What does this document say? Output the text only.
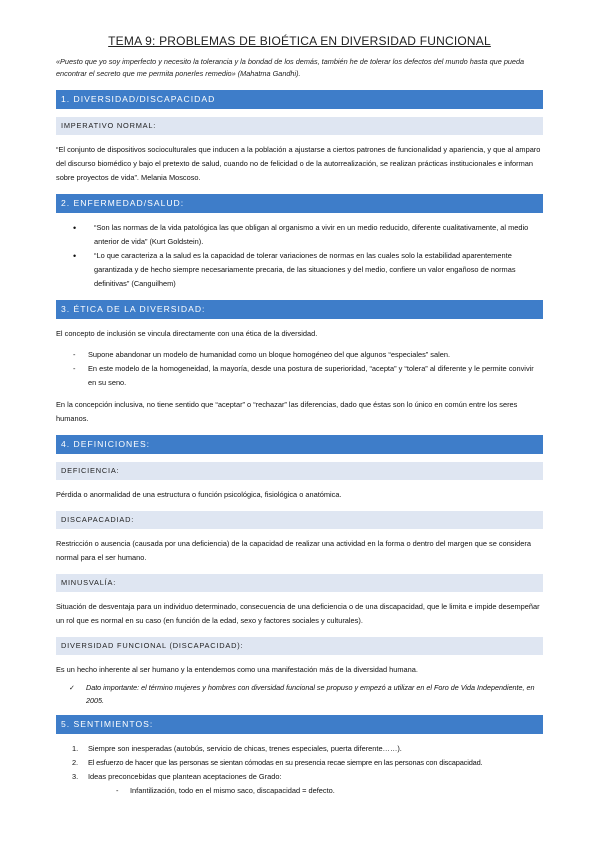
TEMA 9: PROBLEMAS DE BIOÉTICA EN DIVERSIDAD FUNCIONAL

«Puesto que yo soy imperfecto y necesito la tolerancia y la bondad de los demás, también he de tolerar los defectos del mundo hasta que pueda encontrar el secreto que me permita ponerles remedio» (Mahatma Gandhi).

1. DIVERSIDAD/DISCAPACIDAD
IMPERATIVO NORMAL:

“El conjunto de dispositivos socioculturales que inducen a la población a ajustarse a ciertos patrones de funcionalidad y apariencia, y que al amparo del discurso biomédico y bajo el pretexto de salud, cuando no de felicidad o de la autorrealización, se realizan prácticas institucionales e informan sobre proyectos de vida”. Melania Moscoso.

2. ENFERMEDAD/SALUD:
• “Son las normas de la vida patológica las que obligan al organismo a vivir en un medio reducido, diferente cualitativamente, al medio anterior de vida” (Kurt Goldstein).
• “Lo que caracteriza a la salud es la capacidad de tolerar variaciones de normas en las cuales solo la estabilidad aparentemente garantizada y de hecho siempre necesariamente precaria, de las situaciones y del medio, confiere un valor engañoso de normas definitivas” (Canguilhem)
3. ÉTICA DE LA DIVERSIDAD:

El concepto de inclusión se vincula directamente con una ética de la diversidad.

- Supone abandonar un modelo de humanidad como un bloque homogéneo del que algunos “especiales” salen.
- En este modelo de la homogeneidad, la mayoría, desde una postura de superioridad, “acepta” y “tolera” al diferente y le permite convivir en su seno.

En la concepción inclusiva, no tiene sentido que “aceptar” o “rechazar” las diferencias, dado que éstas son lo único en común entre los seres humanos.

4. DEFINICIONES:
DEFICIENCIA:

Pérdida o anormalidad de una estructura o función psicológica, fisiológica o anatómica.

DISCAPACADIAD:

Restricción o ausencia (causada por una deficiencia) de la capacidad de realizar una actividad en la forma o dentro del margen que se considera normal para el ser humano.

MINUSVALÍA:

Situación de desventaja para un individuo determinado, consecuencia de una deficiencia o de una discapacidad, que le limita e impide desempeñar un rol que es normal en su caso (en función de la edad, sexo y factores sociales y culturales).

DIVERSIDAD FUNCIONAL (DISCAPACIDAD):

Es un hecho inherente al ser humano y la entendemos como una manifestación más de la diversidad humana.

✓ Dato importante: el término mujeres y hombres con diversidad funcional se propuso y empezó a utilizar en el Foro de Vida Independiente, en 2005.
5. SENTIMIENTOS:
1. Siempre son inesperadas (autobús, servicio de chicas, trenes especiales, puerta diferente……).
2. El esfuerzo de hacer que las personas se sientan cómodas en su presencia recae siempre en las personas con discapacidad.
3. Ideas preconcebidas que plantean aceptaciones de Grado:
- Infantilización, todo en el mismo saco, discapacidad = defecto.
